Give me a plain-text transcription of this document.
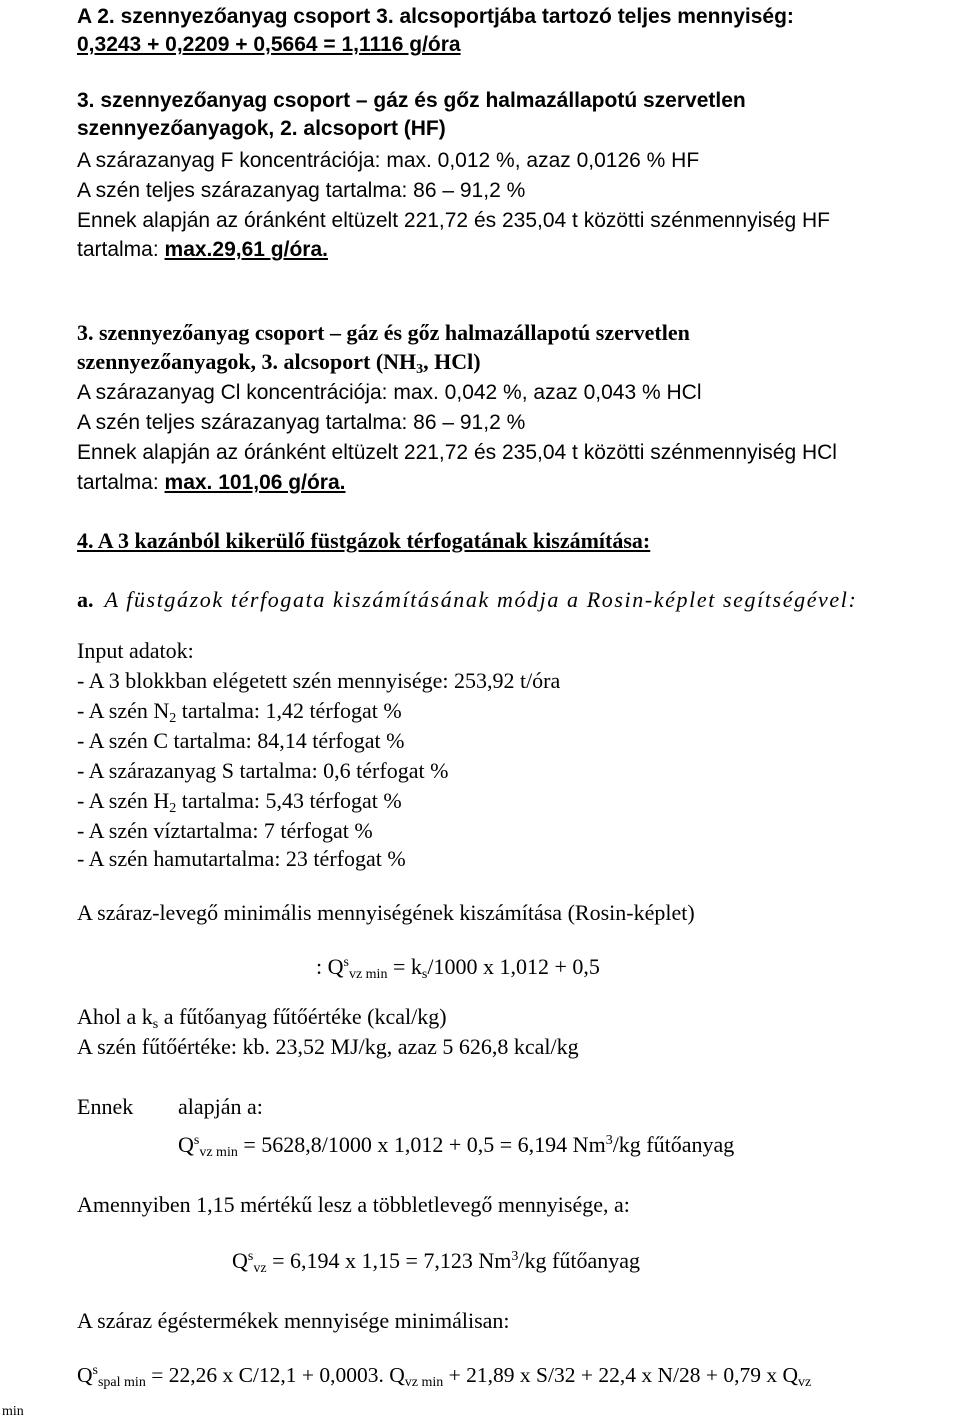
A 2. szennyezőanyag csoport 3. alcsoportjába tartozó teljes mennyiség:
0,3243 + 0,2209 + 0,5664 = 1,1116 g/óra
3. szennyezőanyag csoport – gáz és gőz halmazállapotú szervetlen
szennyezőanyagok, 2. alcsoport (HF)
A szárazanyag F koncentrációja: max. 0,012 %, azaz 0,0126 % HF
A szén teljes szárazanyag tartalma: 86 – 91,2 %
Ennek alapján az óránként eltüzelt 221,72 és 235,04 t közötti szénmennyiség HF
tartalma: max.29,61 g/óra.
3. szennyezőanyag csoport – gáz és gőz halmazállapotú szervetlen
szennyezőanyagok, 3. alcsoport ($NH_3$, HCl)
A szárazanyag Cl koncentrációja: max. 0,042 %, azaz 0,043 % HCl
A szén teljes szárazanyag tartalma: 86 – 91,2 %
Ennek alapján az óránként eltüzelt 221,72 és 235,04 t közötti szénmennyiség HCl
tartalma: max. 101,06 g/óra.
4. A 3 kazánból kikerülő füstgázok térfogatának kiszámítása:
a. A füstgázok térfogata kiszámításának módja a Rosin-képlet segítségével:
Input adatok:
- A 3 blokkban elégetett szén mennyisége: 253,92 t/óra
- A szén $N_2$ tartalma: 1,42 térfogat %
- A szén C tartalma: 84,14 térfogat %
- A szárazanyag S tartalma: 0,6 térfogat %
- A szén $H_2$ tartalma: 5,43 térfogat %
- A szén víztartalma: 7 térfogat %
- A szén hamutartalma: 23 térfogat %
A száraz-levegő minimális mennyiségének kiszámítása (Rosin-képlet)
: $Q^s_{vz min} = k_s/1000$ x 1,012 + 0,5
Ahol a $k_s$ a fűtőanyag fűtőértéke (kcal/kg)
A szén fűtőértéke: kb. 23,52 MJ/kg, azaz 5 626,8 kcal/kg
Ennek alapján a:
$Q^s_{vz min} = 5628,8/1000$ x 1,012 + 0,5 = 6,194 Nm$^3$/kg fűtőanyag
Amennyiben 1,15 mértékű lesz a többletlevegő mennyisége, a:
$Q^s_{vz} = 6,194$ x 1,15 = 7,123 Nm$^3$/kg fűtőanyag
A száraz égéstermékek mennyisége minimálisan:
$Q^s_{spal min} = 22,26$ x C/12,1 + 0,0003. $Q_{vz min} + 21,89$ x S/32 + 22,4 x N/28 + 0,79 x $Q_{vz}$
min
